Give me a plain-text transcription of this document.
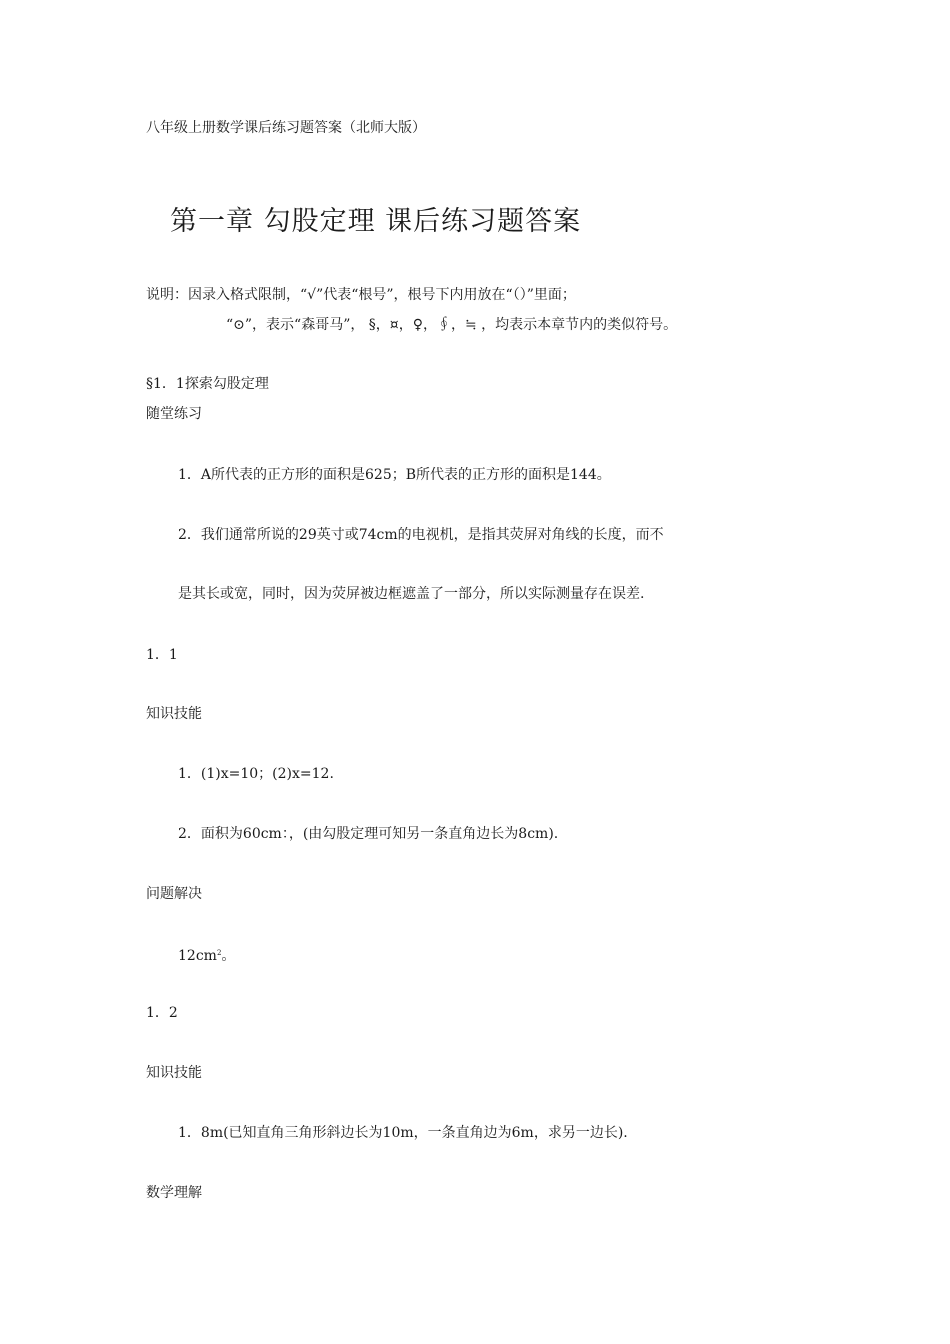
八年级上册数学课后练习题答案（北师大版）
第一章 勾股定理 课后练习题答案
说明：因录入格式限制，“√”代表“根号”，根号下内用放在“（）”里面；
“⊙”，表示“森哥马”， §，¤，♀，∮，≒ ，均表示本章节内的类似符号。
§1．1探索勾股定理
随堂练习
1．A所代表的正方形的面积是625；B所代表的正方形的面积是144。
2．我们通常所说的29英寸或74cm的电视机，是指其荧屏对角线的长度，而不
是其长或宽，同时，因为荧屏被边框遮盖了一部分，所以实际测量存在误差.
1．1
知识技能
1．(1)x=10；(2)x=12.
2．面积为60cm：，(由勾股定理可知另一条直角边长为8cm).
问题解决
$12cm^2$。
1．2
知识技能
1．8m(已知直角三角形斜边长为10m，一条直角边为6m，求另一边长).
数学理解
